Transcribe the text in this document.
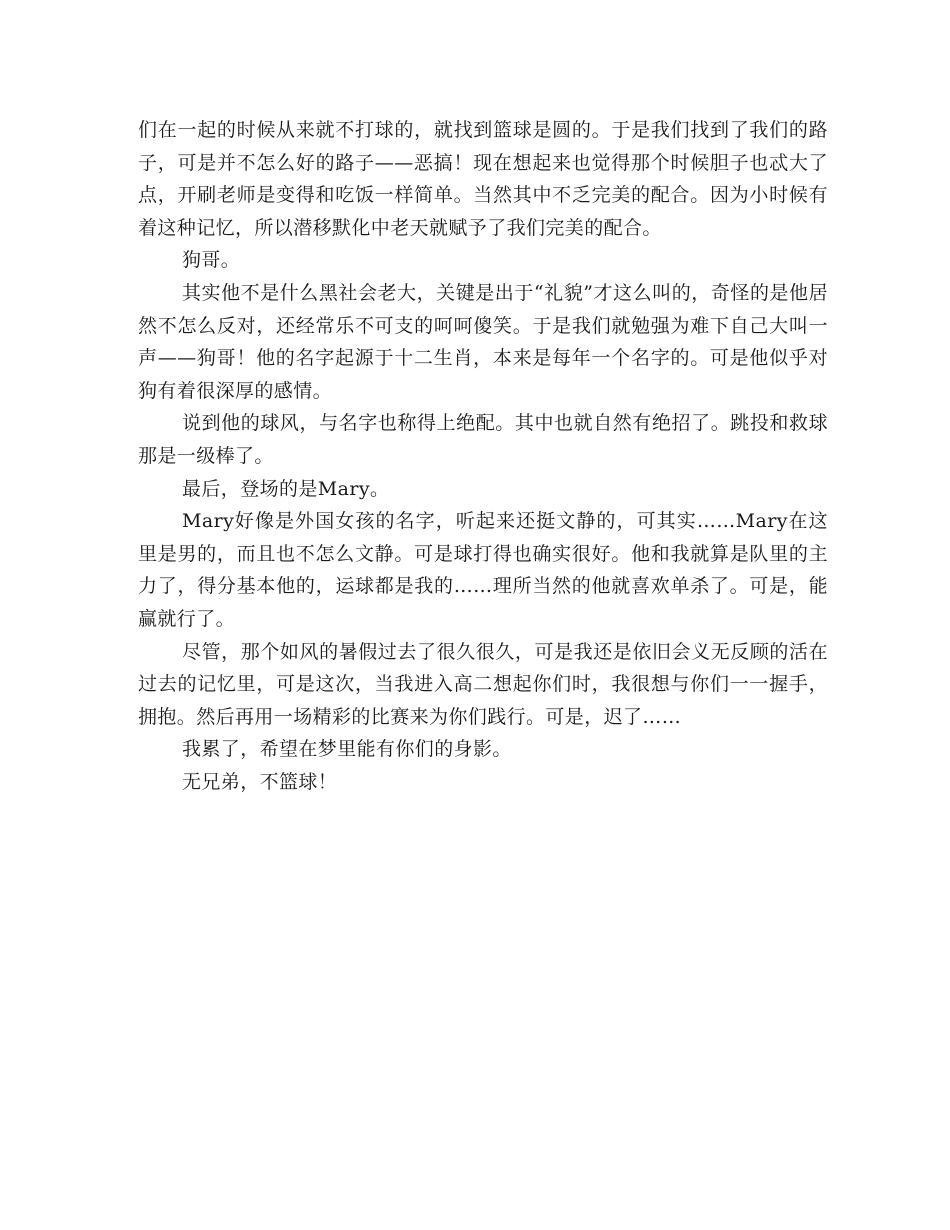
们在一起的时候从来就不打球的，就找到篮球是圆的。于是我们找到了我们的路子，可是并不怎么好的路子——恶搞！现在想起来也觉得那个时候胆子也忒大了点，开刷老师是变得和吃饭一样简单。当然其中不乏完美的配合。因为小时候有着这种记忆，所以潜移默化中老天就赋予了我们完美的配合。

狗哥。

其实他不是什么黑社会老大，关键是出于“礼貌”才这么叫的，奇怪的是他居然不怎么反对，还经常乐不可支的呵呵傻笑。于是我们就勉强为难下自己大叫一声——狗哥！他的名字起源于十二生肖，本来是每年一个名字的。可是他似乎对狗有着很深厚的感情。

说到他的球风，与名字也称得上绝配。其中也就自然有绝招了。跳投和救球那是一级棒了。

最后，登场的是Mary。

Mary好像是外国女孩的名字，听起来还挺文静的，可其实……Mary在这里是男的，而且也不怎么文静。可是球打得也确实很好。他和我就算是队里的主力了，得分基本他的，运球都是我的……理所当然的他就喜欢单杀了。可是，能赢就行了。

尽管，那个如风的暑假过去了很久很久，可是我还是依旧会义无反顾的活在过去的记忆里，可是这次，当我进入高二想起你们时，我很想与你们一一握手，拥抱。然后再用一场精彩的比赛来为你们践行。可是，迟了……

我累了，希望在梦里能有你们的身影。

无兄弟，不篮球！
